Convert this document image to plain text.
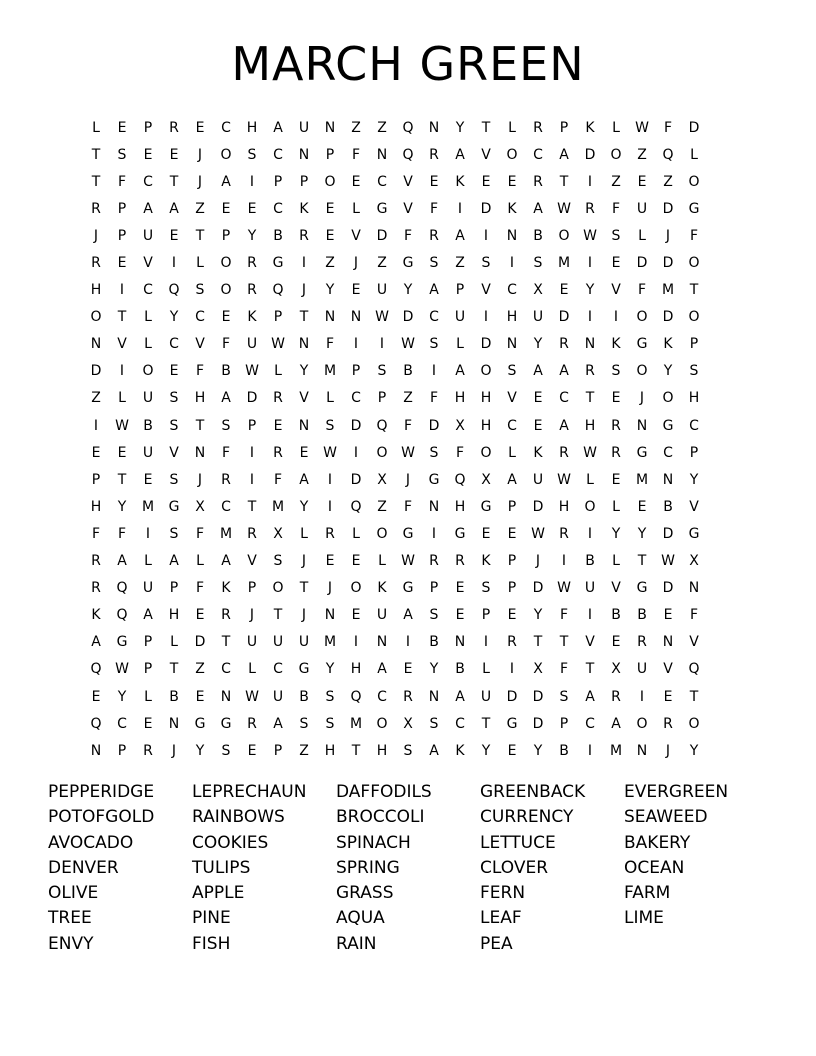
MARCH GREEN
L	E	P	R	E	C	H	A	U	N	Z	Z	Q	N	Y	T	L	R	P	K	L	W	F	D
T	S	E	E	J	O	S	C	N	P	F	N	Q	R	A	V	O	C	A	D	O	Z	Q	L
T	F	C	T	J	A	I	P	P	O	E	C	V	E	K	E	E	R	T	I	Z	E	Z	O
R	P	A	A	Z	E	E	C	K	E	L	G	V	F	I	D	K	A	W	R	F	U	D	G
J	P	U	E	T	P	Y	B	R	E	V	D	F	R	A	I	N	B	O W	S	L	J	F
R	E	V	I	L	O	R	G	I	Z	J	Z	G	S	Z	S	I	S	M	I	E	D	D	O
H	I	C	Q	S	O	R	Q	J	Y	E	U	Y	A	P	V	C	X	E	Y	V	F	M	T
O	T	L	Y	C	E	K	P	T	N	N W D	C	U	I	H	U	D	I	I	O	D	O
N	V	L	C	V	F	U W N	F	I	I	W	S	L	D	N	Y	R	N	K	G	K	P
D	I	O	E	F	B	W	L	Y	M	P	S	B	I	A	O	S	A	A	R	S	O	Y	S
Z	L	U	S	H	A	D	R	V	L	C	P	Z	F	H	H	V	E	C	T	E	J	O	H
I	W	B	S	T	S	P	E	N	S	D	Q	F	D	X	H	C	E	A	H	R	N	G	C
E	E	U	V	N	F	I	R	E	W	I	O W	S	F	O	L	K	R	W	R	G	C	P
P	T	E	S	J	R	I	F	A	I	D	X	J	G	Q	X	A	U W	L	E	M	N	Y
H	Y	M	G	X	C	T	M	Y	I	Q	Z	F	N	H	G	P	D	H	O	L	E	B	V
F	F	I	S	F	M	R	X	L	R	L	O	G	I	G	E	E	W	R	I	Y	Y	D	G
R	A	L	A	L	A	V	S	J	E	E	L	W	R	R	K	P	J	I	B	L	T	W	X
R	Q	U	P	F	K	P	O	T	J	O	K	G	P	E	S	P	D W U	V	G	D	N
K	Q	A	H	E	R	J	T	J	N	E	U	A	S	E	P	E	Y	F	I	B	B	E	F
A	G	P	L	D	T	U	U	U	M	I	N	I	B	N	I	R	T	T	V	E	R	N	V
Q W	P	T	Z	C	L	C	G	Y	H	A	E	Y	B	L	I	X	F	T	X	U	V	Q
E	Y	L	B	E	N W U	B	S	Q	C	R	N	A	U	D	D	S	A	R	I	E	T
Q	C	E	N	G	G	R	A	S	S	M	O	X	S	C	T	G	D	P	C	A	O	R	O
N	P	R	J	Y	S	E	P	Z	H	T	H	S	A	K	Y	E	Y	B	I	M	N	J	Y
PEPPERIDGE
POTOFGOLD
AVOCADO
DENVER
OLIVE
TREE
ENVY
LEPRECHAUN
RAINBOWS
COOKIES
TULIPS
APPLE
PINE
FISH
DAFFODILS
BROCCOLI
SPINACH
SPRING
GRASS
AQUA
RAIN
GREENBACK
CURRENCY
LETTUCE
CLOVER
FERN
LEAF
PEA
EVERGREEN
SEAWEED
BAKERY
OCEAN
FARM
LIME
